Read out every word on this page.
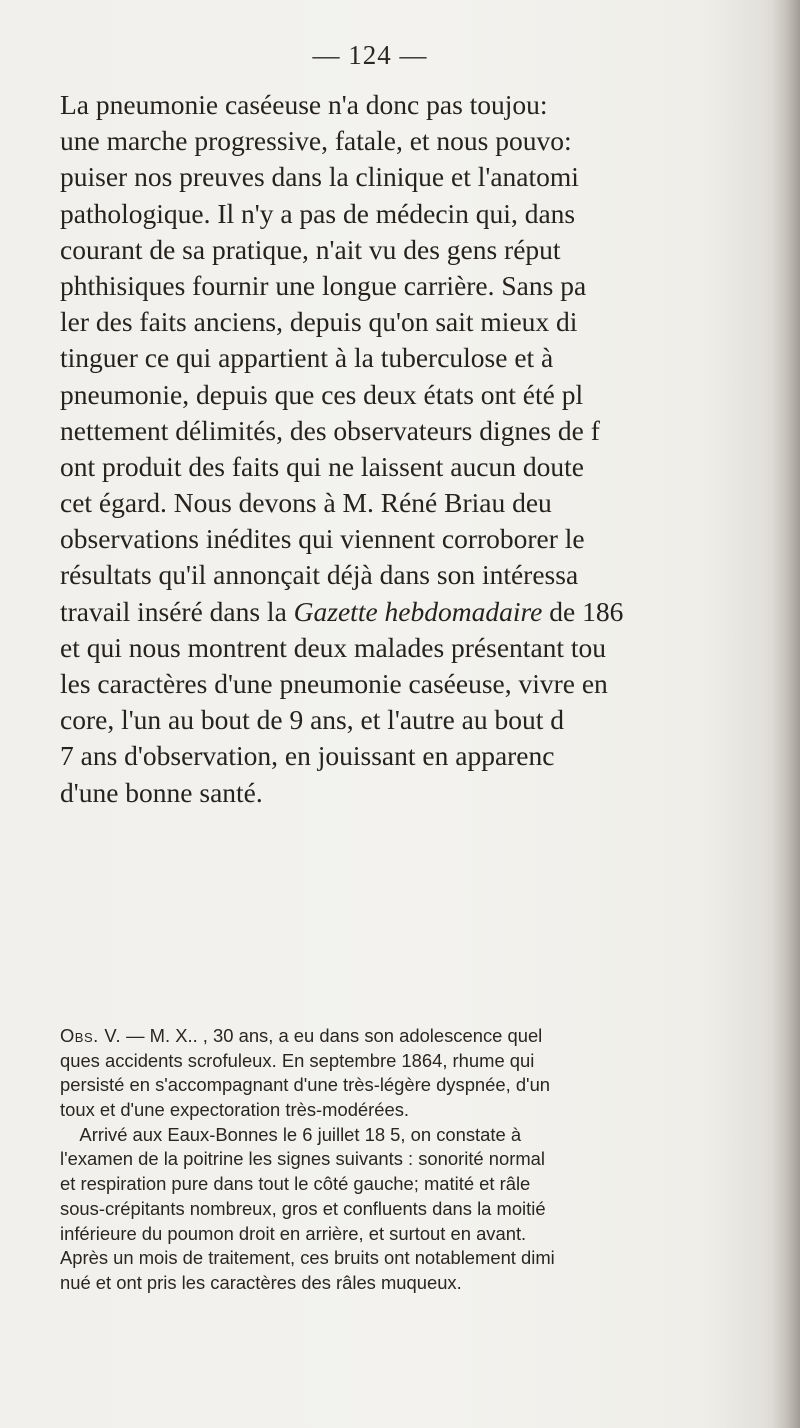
— 124 —
La pneumonie caséeuse n'a donc pas toujou:
une marche progressive, fatale, et nous pouvo:
puiser nos preuves dans la clinique et l'anatomi
pathologique. Il n'y a pas de médecin qui, dans
courant de sa pratique, n'ait vu des gens réput
phthisiques fournir une longue carrière. Sans pa
ler des faits anciens, depuis qu'on sait mieux di
tinguer ce qui appartient à la tuberculose et à
pneumonie, depuis que ces deux états ont été pl
nettement délimités, des observateurs dignes de f
ont produit des faits qui ne laissent aucun doute
cet égard. Nous devons à M. Réné Briau deu
observations inédites qui viennent corroborer le
résultats qu'il annonçait déjà dans son intéressa
travail inséré dans la Gazette hebdomadaire de 186
et qui nous montrent deux malades présentant tou
les caractères d'une pneumonie caséeuse, vivre en
core, l'un au bout de 9 ans, et l'autre au bout d
7 ans d'observation, en jouissant en apparenc
d'une bonne santé.
Obs. V. — M. X.. , 30 ans, a eu dans son adolescence quel
ques accidents scrofuleux. En septembre 1864, rhume qui
persisté en s'accompagnant d'une très-légère dyspnée, d'un
toux et d'une expectoration très-modérées.
Arrivé aux Eaux-Bonnes le 6 juillet 18 5, on constate à
l'examen de la poitrine les signes suivants : sonorité normal
et respiration pure dans tout le côté gauche; matité et râle
sous-crépitants nombreux, gros et confluents dans la moitié
inférieure du poumon droit en arrière, et surtout en avant.
Après un mois de traitement, ces bruits ont notablement dimi
nué et ont pris les caractères des râles muqueux.
